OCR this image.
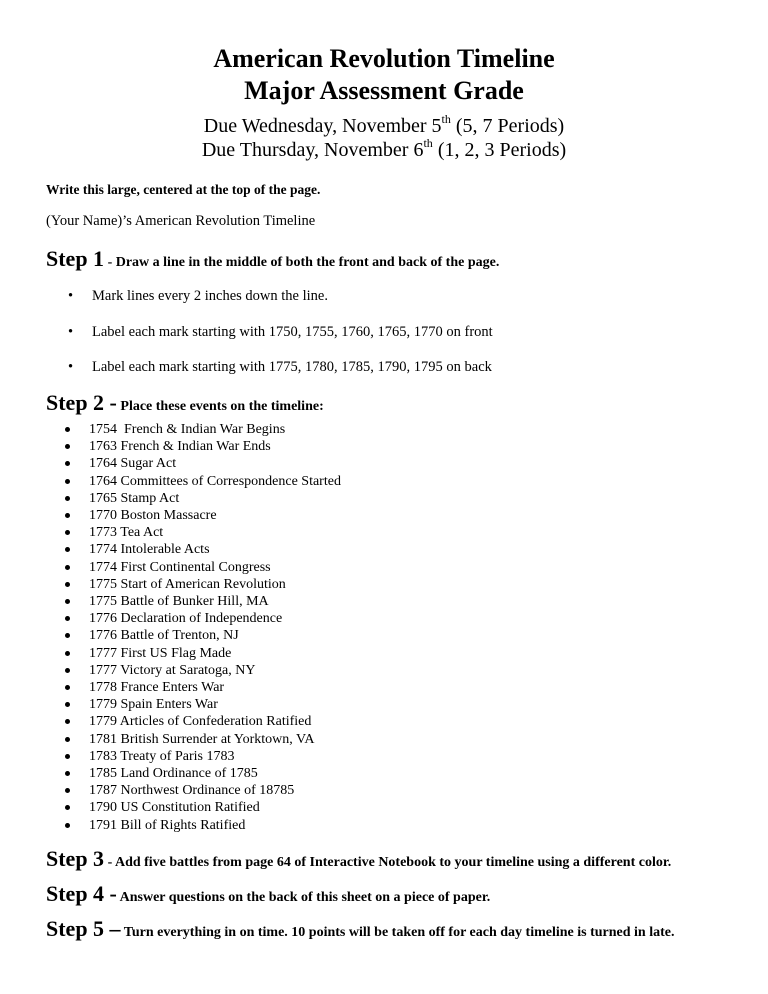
American Revolution Timeline
Major Assessment Grade
Due Wednesday, November 5th (5, 7 Periods)
Due Thursday, November 6th (1, 2, 3 Periods)
Write this large, centered at the top of the page.
(Your Name)’s American Revolution Timeline
Step 1 - Draw a line in the middle of both the front and back of the page.
• Mark lines every 2 inches down the line.
• Label each mark starting with 1750, 1755, 1760, 1765, 1770 on front
• Label each mark starting with 1775, 1780, 1785, 1790, 1795 on back
Step 2 - Place these events on the timeline:
1754  French & Indian War Begins
1763 French & Indian War Ends
1764 Sugar Act
1764 Committees of Correspondence Started
1765 Stamp Act
1770 Boston Massacre
1773 Tea Act
1774 Intolerable Acts
1774 First Continental Congress
1775 Start of American Revolution
1775 Battle of Bunker Hill, MA
1776 Declaration of Independence
1776 Battle of Trenton, NJ
1777 First US Flag Made
1777 Victory at Saratoga, NY
1778 France Enters War
1779 Spain Enters War
1779 Articles of Confederation Ratified
1781 British Surrender at Yorktown, VA
1783 Treaty of Paris 1783
1785 Land Ordinance of 1785
1787 Northwest Ordinance of 18785
1790 US Constitution Ratified
1791 Bill of Rights Ratified
Step 3 - Add five battles from page 64 of Interactive Notebook to your timeline using a different color.
Step 4 - Answer questions on the back of this sheet on a piece of paper.
Step 5 – Turn everything in on time. 10 points will be taken off for each day timeline is turned in late.
